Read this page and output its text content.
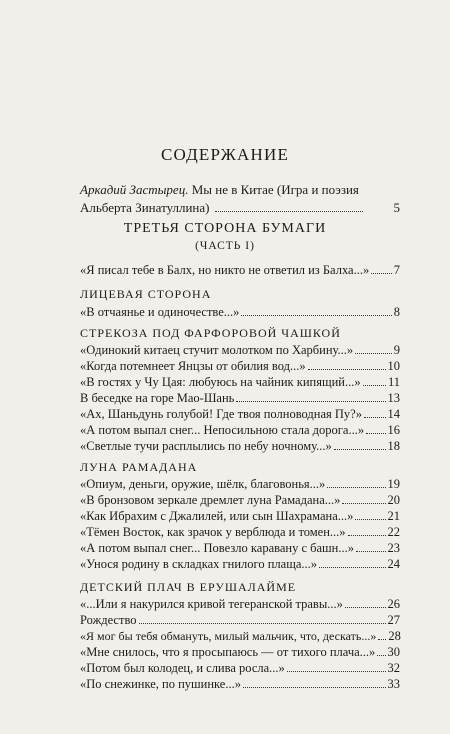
СОДЕРЖАНИЕ
Аркадий Застырец. Мы не в Китае (Игра и поэзия
Альберта Зинатуллина)	5
ТРЕТЬЯ СТОРОНА БУМАГИ
(ЧАСТЬ I)
«Я писал тебе в Балх, но никто не ответил из Балха...» 7
ЛИЦЕВАЯ СТОРОНА
«В отчаянье и одиночестве...»	8
СТРЕКОЗА ПОД ФАРФОРОВОЙ ЧАШКОЙ
«Одинокий китаец стучит молотком по Харбину...»	9
«Когда потемнеет Янцзы от обилия вод...»	10
«В гостях у Чу Цая: любуюсь на чайник кипящий...» 11
В беседке на горе Мао-Шань	13
«Ах, Шаньдунь голубой! Где твоя полноводная Пу?» 14
«А потом выпал снег... Непосильною стала дорога...» 16
«Светлые тучи расплылись по небу ночному...»	18
ЛУНА РАМАДАНА
«Опиум, деньги, оружие, шёлк, благовонья...»	19
«В бронзовом зеркале дремлет луна Рамадана...»	20
«Как Ибрахим с Джалилей, или сын Шахрамана...»	21
«Тёмен Восток, как зрачок у верблюда и томен...»	22
«А потом выпал снег... Повезло каравану с башн...»	23
«Унося родину в складках гнилого плаща...»	24
ДЕТСКИЙ ПЛАЧ В ЕРУШАЛАЙМЕ
«...Или я накурился кривой тегеранской травы...»	26
Рождество	27
«Я мог бы тебя обмануть, милый мальчик, что, дескать...» 28
«Мне снилось, что я просыпаюсь — от тихого плача...» 30
«Потом был колодец, и слива росла...»	32
«По снежинке, по пушинке...»	33
